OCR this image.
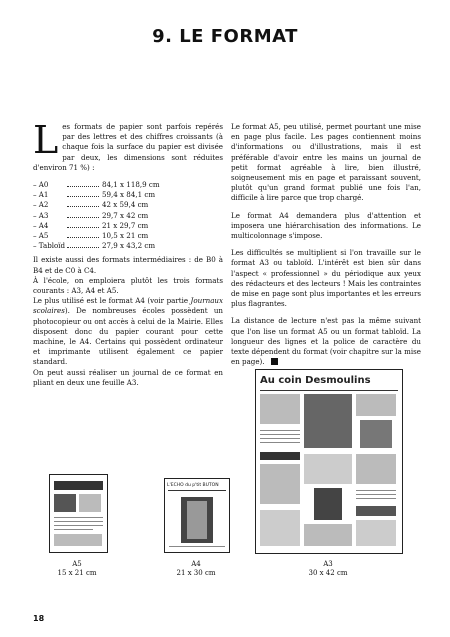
9. LE FORMAT

Les formats de papier sont parfois repérés par des lettres et des chiffres croissants (à chaque fois la surface du papier est divisée par deux, les dimensions sont réduites d'environ 71 %) :

– A0	84,1 x 118,9 cm
– A1	59,4 x 84,1 cm
– A2	42 x 59,4 cm
– A3	29,7 x 42 cm
– A4	21 x 29,7 cm
– A5	10,5 x 21 cm
– Tabloïd	27,9 x 43,2 cm

Il existe aussi des formats intermédiaires : de B0 à B4 et de C0 à C4.

À l'école, on emploiera plutôt les trois formats courants : A3, A4 et A5.

Le plus utilisé est le format A4 (voir partie Journaux scolaires). De nombreuses écoles possèdent un photocopieur ou ont accès à celui de la Mairie. Elles disposent donc du papier courant pour cette machine, le A4. Certains qui possèdent ordinateur et imprimante utilisent également ce papier standard.

On peut aussi réaliser un journal de ce format en pliant en deux une feuille A3.

Le format A5, peu utilisé, permet pourtant une mise en page plus facile. Les pages contiennent moins d'informations ou d'illustrations, mais il est préférable d'avoir entre les mains un journal de petit format agréable à lire, bien illustré, soigneusement mis en page et paraissant souvent, plutôt qu'un grand format publié une fois l'an, difficile à lire parce que trop chargé.

Le format A4 demandera plus d'attention et imposera une hiérarchisation des informations. Le multicolonnage s'impose.

Les difficultés se multiplient si l'on travaille sur le format A3 ou tabloïd. L'intérêt est bien sûr dans l'aspect « professionnel » du périodique aux yeux des rédacteurs et des lecteurs ! Mais les contraintes de mise en page sont plus importantes et les erreurs plus flagrantes.

La distance de lecture n'est pas la même suivant que l'on lise un format A5 ou un format tabloïd. La longueur des lignes et la police de caractère du texte dépendent du format (voir chapitre sur la mise en page).

L'ECHO du p'tit BUTON
Au coin Desmoulins
A5
15 x 21 cm
A4
21 x 30 cm
A3
30 x 42 cm
18
